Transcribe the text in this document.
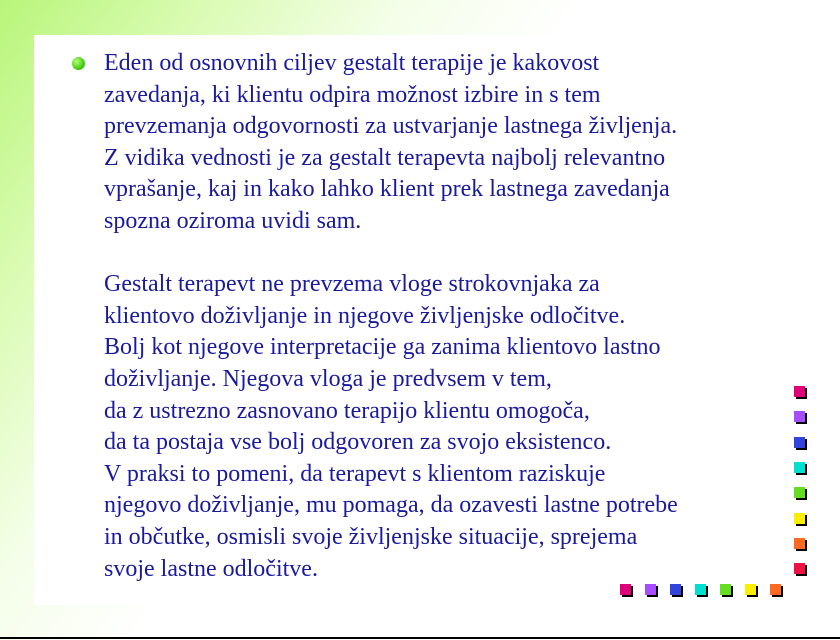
Eden od osnovnih ciljev gestalt terapije je kakovost

zavedanja, ki klientu odpira možnost izbire in s tem

prevzemanja odgovornosti za ustvarjanje lastnega življenja.

Z vidika vednosti je za gestalt terapevta najbolj relevantno

vprašanje, kaj in kako lahko klient prek lastnega zavedanja

spozna oziroma uvidi sam.

Gestalt terapevt ne prevzema vloge strokovnjaka za

klientovo doživljanje in njegove življenjske odločitve.

Bolj kot njegove interpretacije ga zanima klientovo lastno

doživljanje. Njegova vloga je predvsem v tem,

da z ustrezno zasnovano terapijo klientu omogoča,

da ta postaja vse bolj odgovoren za svojo eksistenco.

V praksi to pomeni, da terapevt s klientom raziskuje

njegovo doživljanje, mu pomaga, da ozavesti lastne potrebe

in občutke, osmisli svoje življenjske situacije, sprejema

svoje lastne odločitve.
